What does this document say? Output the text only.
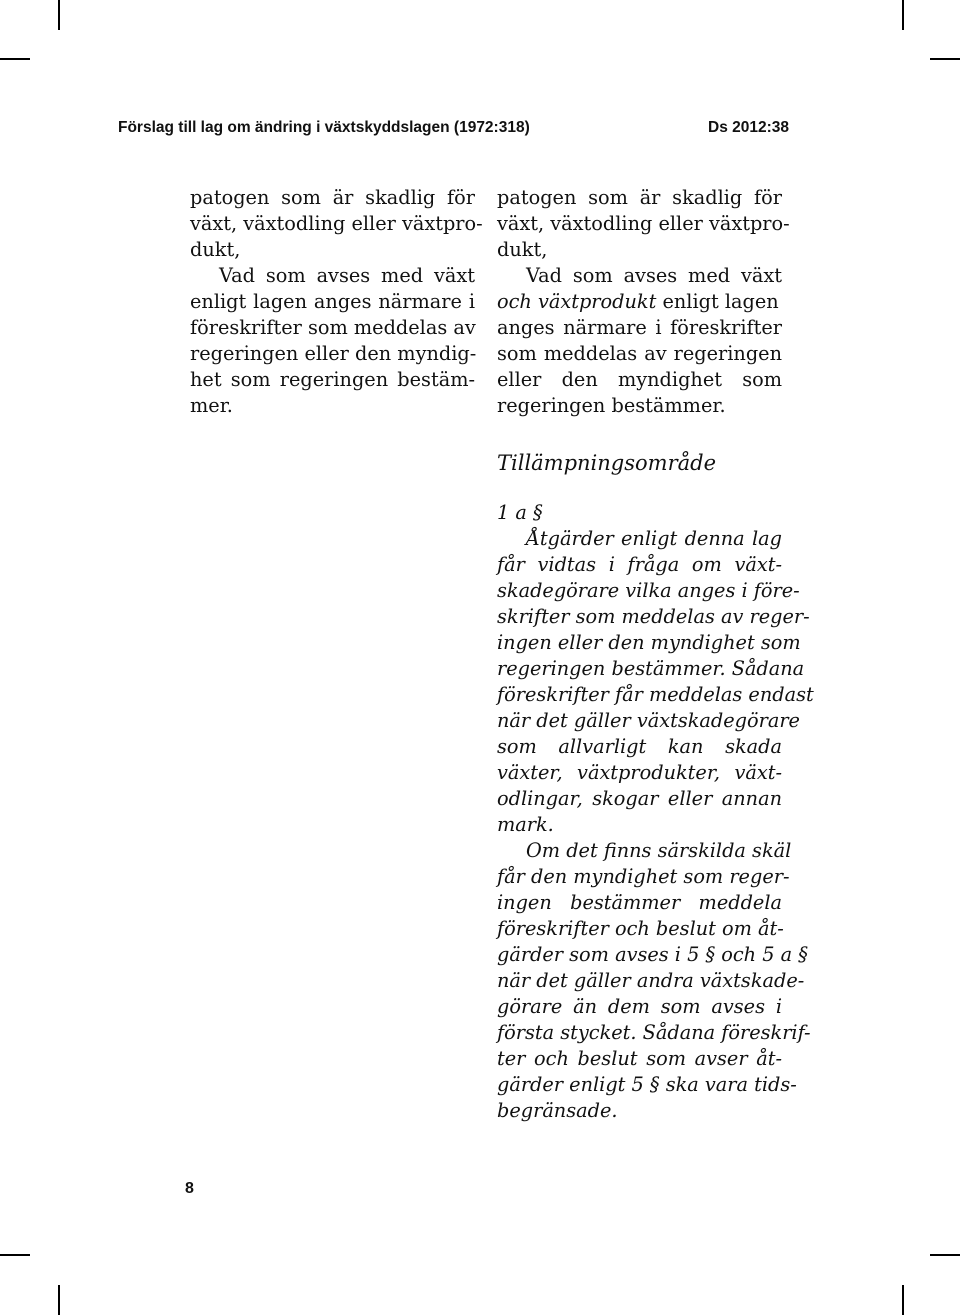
Förslag till lag om ändring i växtskyddslagen (1972:318)	Ds 2012:38

patogen som är skadlig för
växt, växtodling eller växtpro-
dukt,
Vad som avses med växt
enligt lagen anges närmare i
föreskrifter som meddelas av
regeringen eller den myndig-
het som regeringen bestäm-
mer.
patogen som är skadlig för
växt, växtodling eller växtpro-
dukt,
Vad som avses med växt
och växtprodukt enligt lagen
anges närmare i föreskrifter
som meddelas av regeringen
eller den myndighet som
regeringen bestämmer.

Tillämpningsområde

1 a §
Åtgärder enligt denna lag
får vidtas i fråga om växt-
skadegörare vilka anges i före-
skrifter som meddelas av reger-
ingen eller den myndighet som
regeringen bestämmer. Sådana
föreskrifter får meddelas endast
när det gäller växtskadegörare
som allvarligt kan skada
växter, växtprodukter, växt-
odlingar, skogar eller annan
mark.
Om det finns särskilda skäl
får den myndighet som reger-
ingen bestämmer meddela
föreskrifter och beslut om åt-
gärder som avses i 5 § och 5 a §
när det gäller andra växtskade-
görare än dem som avses i
första stycket. Sådana föreskrif-
ter och beslut som avser åt-
gärder enligt 5 § ska vara tids-
begränsade.

8
